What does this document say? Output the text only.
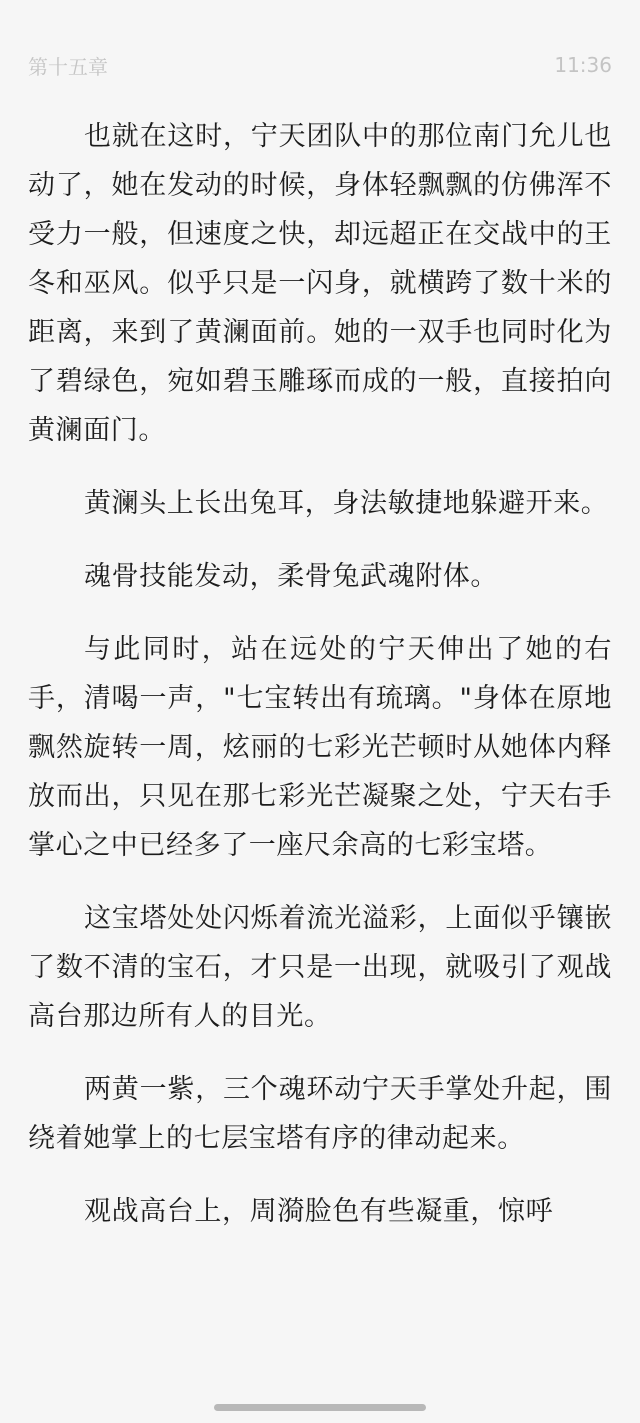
第十五章	11:36

也就在这时，宁天团队中的那位南门允儿也动了，她在发动的时候，身体轻飘飘的仿佛浑不受力一般，但速度之快，却远超正在交战中的王冬和巫风。似乎只是一闪身，就横跨了数十米的距离，来到了黄澜面前。她的一双手也同时化为了碧绿色，宛如碧玉雕琢而成的一般，直接拍向黄澜面门。

黄澜头上长出兔耳，身法敏捷地躲避开来。

魂骨技能发动，柔骨兔武魂附体。

与此同时，站在远处的宁天伸出了她的右手，清喝一声，"七宝转出有琉璃。"身体在原地飘然旋转一周，炫丽的七彩光芒顿时从她体内释放而出，只见在那七彩光芒凝聚之处，宁天右手掌心之中已经多了一座尺余高的七彩宝塔。

这宝塔处处闪烁着流光溢彩，上面似乎镶嵌了数不清的宝石，才只是一出现，就吸引了观战高台那边所有人的目光。

两黄一紫，三个魂环动宁天手掌处升起，围绕着她掌上的七层宝塔有序的律动起来。

观战高台上，周漪脸色有些凝重，惊呼
